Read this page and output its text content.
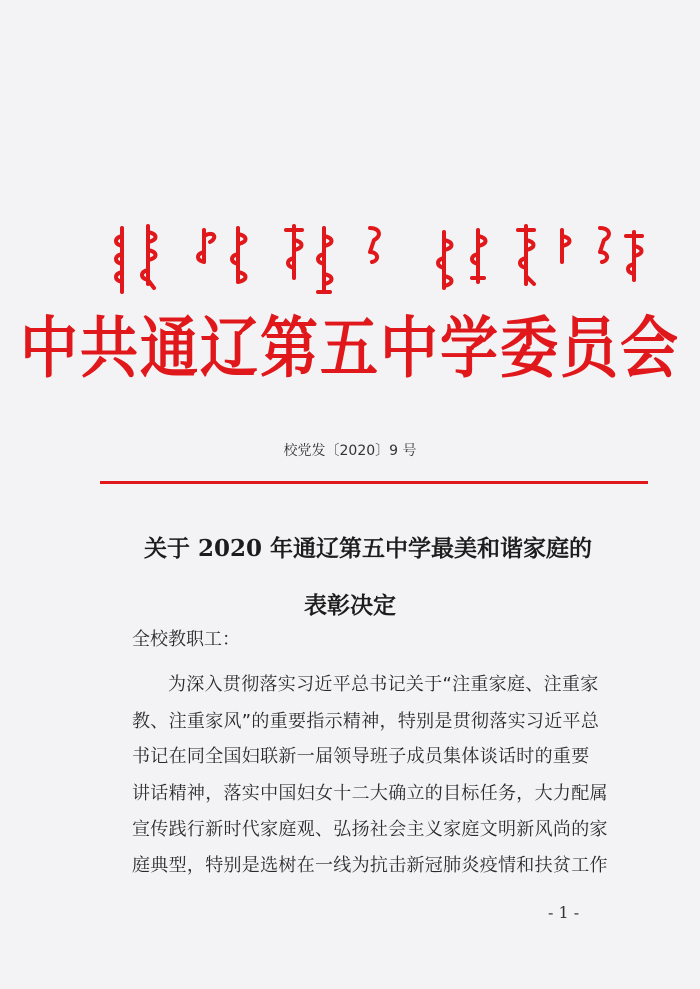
中共通辽第五中学委员会
校党发〔2020〕9 号
关于 2020 年通辽第五中学最美和谐家庭的
表彰决定
全校教职工：
为深入贯彻落实习近平总书记关于“注重家庭、注重家
教、注重家风”的重要指示精神，特别是贯彻落实习近平总
书记在同全国妇联新一届领导班子成员集体谈话时的重要
讲话精神，落实中国妇女十二大确立的目标任务，大力配属
宣传践行新时代家庭观、弘扬社会主义家庭文明新风尚的家
庭典型，特别是选树在一线为抗击新冠肺炎疫情和扶贫工作
- 1 -
